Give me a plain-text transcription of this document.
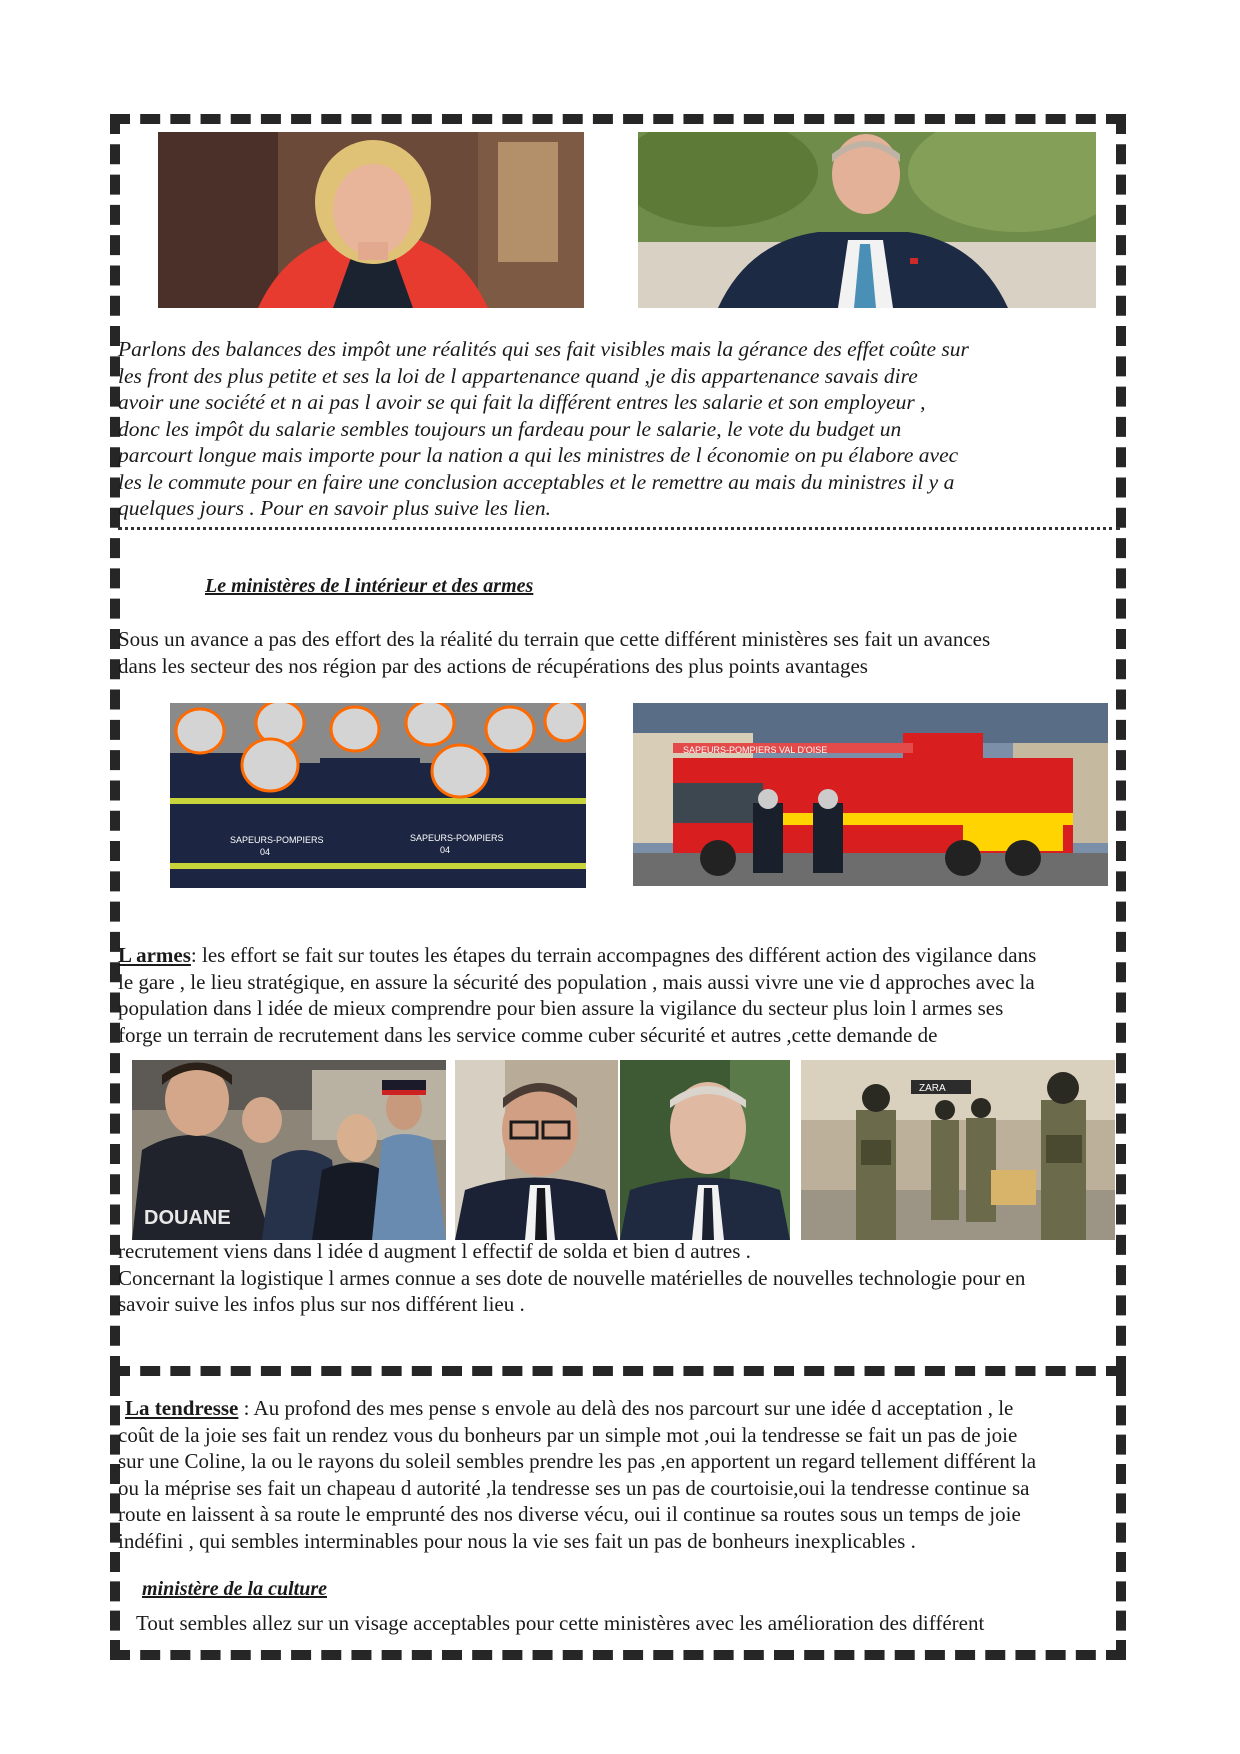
Parlons des balances des impôt une réalités qui ses fait visibles mais la gérance des effet coûte sur
les front des plus petite et ses la loi de l appartenance quand ,je dis appartenance savais dire
avoir une société et n ai pas l avoir se qui fait la différent entres les salarie et son employeur ,
donc les impôt du salarie sembles toujours un fardeau pour le salarie, le vote du budget un
parcourt longue mais importe pour la nation a qui les ministres de l économie on pu élabore avec
les le commute pour en faire une conclusion acceptables et le remettre au mais du ministres il y a
quelques jours . Pour en savoir plus suive les lien.
Le ministères de l intérieur et des armes
Sous un avance a pas des effort des la réalité du terrain que cette différent ministères ses fait un avances
dans les secteur des nos région par des actions de récupérations des plus points avantages
SAPEURS-POMPIERS
04
SAPEURS-POMPIERS
04
SAPEURS-POMPIERS VAL D'OISE
L armes: les effort se fait sur toutes les étapes du terrain accompagnes des différent action des vigilance dans
le gare , le lieu stratégique, en assure la sécurité des population , mais aussi vivre une vie d approches avec la
population dans l idée de mieux comprendre pour bien assure la vigilance du secteur plus loin l armes ses
forge un terrain de recrutement dans les service comme cuber sécurité et autres ,cette demande de
DOUANE
ZARA
recrutement viens dans l idée d augment l effectif de solda et bien d autres .
Concernant la logistique l armes connue a ses dote de nouvelle matérielles de nouvelles technologie pour en
savoir suive les infos plus sur nos différent lieu .
La tendresse : Au profond des mes pense s envole au delà des nos parcourt sur une idée d acceptation , le
coût de la joie ses fait un rendez vous du bonheurs par un simple mot ,oui la tendresse se fait un pas de joie
sur une Coline, la ou le rayons du soleil sembles prendre les pas ,en apportent un regard tellement différent la
ou la méprise ses fait un chapeau d autorité ,la tendresse ses un pas de courtoisie,oui la tendresse continue sa
route en laissent à sa route le emprunté des nos diverse vécu, oui il continue sa routes sous un temps de joie
indéfini , qui sembles interminables pour nous la vie ses fait un pas de bonheurs inexplicables .
ministère de la culture
Tout sembles allez sur un visage acceptables pour cette ministères avec les amélioration des différent
